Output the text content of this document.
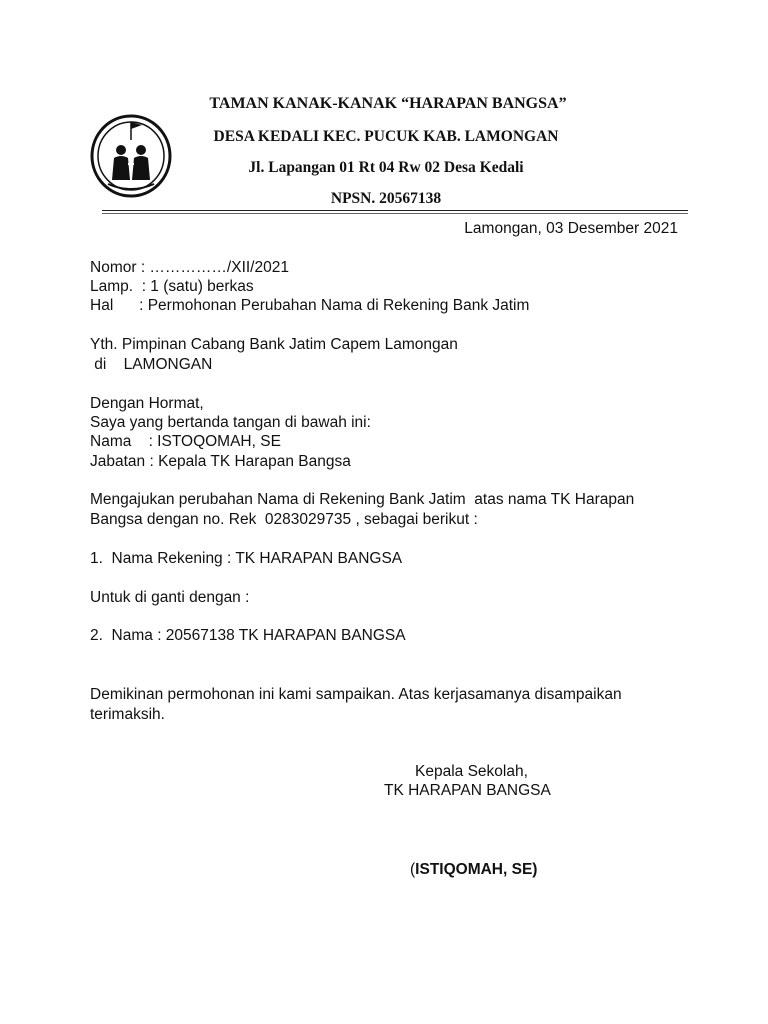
TAMAN KANAK-KANAK “HARAPAN BANGSA”
DESA KEDALI KEC. PUCUK KAB. LAMONGAN
Jl. Lapangan 01 Rt 04 Rw 02 Desa Kedali
NPSN. 20567138
Lamongan, 03 Desember 2021
Nomor : ……………/XII/2021
Lamp.  : 1 (satu) berkas
Hal      : Permohonan Perubahan Nama di Rekening Bank Jatim
Yth. Pimpinan Cabang Bank Jatim Capem Lamongan
di    LAMONGAN
Dengan Hormat,
Saya yang bertanda tangan di bawah ini:
Nama    : ISTOQOMAH, SE
Jabatan : Kepala TK Harapan Bangsa
Mengajukan perubahan Nama di Rekening Bank Jatim  atas nama TK Harapan
Bangsa dengan no. Rek  0283029735 , sebagai berikut :
1.  Nama Rekening : TK HARAPAN BANGSA
Untuk di ganti dengan :
2.  Nama : 20567138 TK HARAPAN BANGSA
Demikinan permohonan ini kami sampaikan. Atas kerjasamanya disampaikan
terimaksih.
Kepala Sekolah,
TK HARAPAN BANGSA
(ISTIQOMAH, SE)
